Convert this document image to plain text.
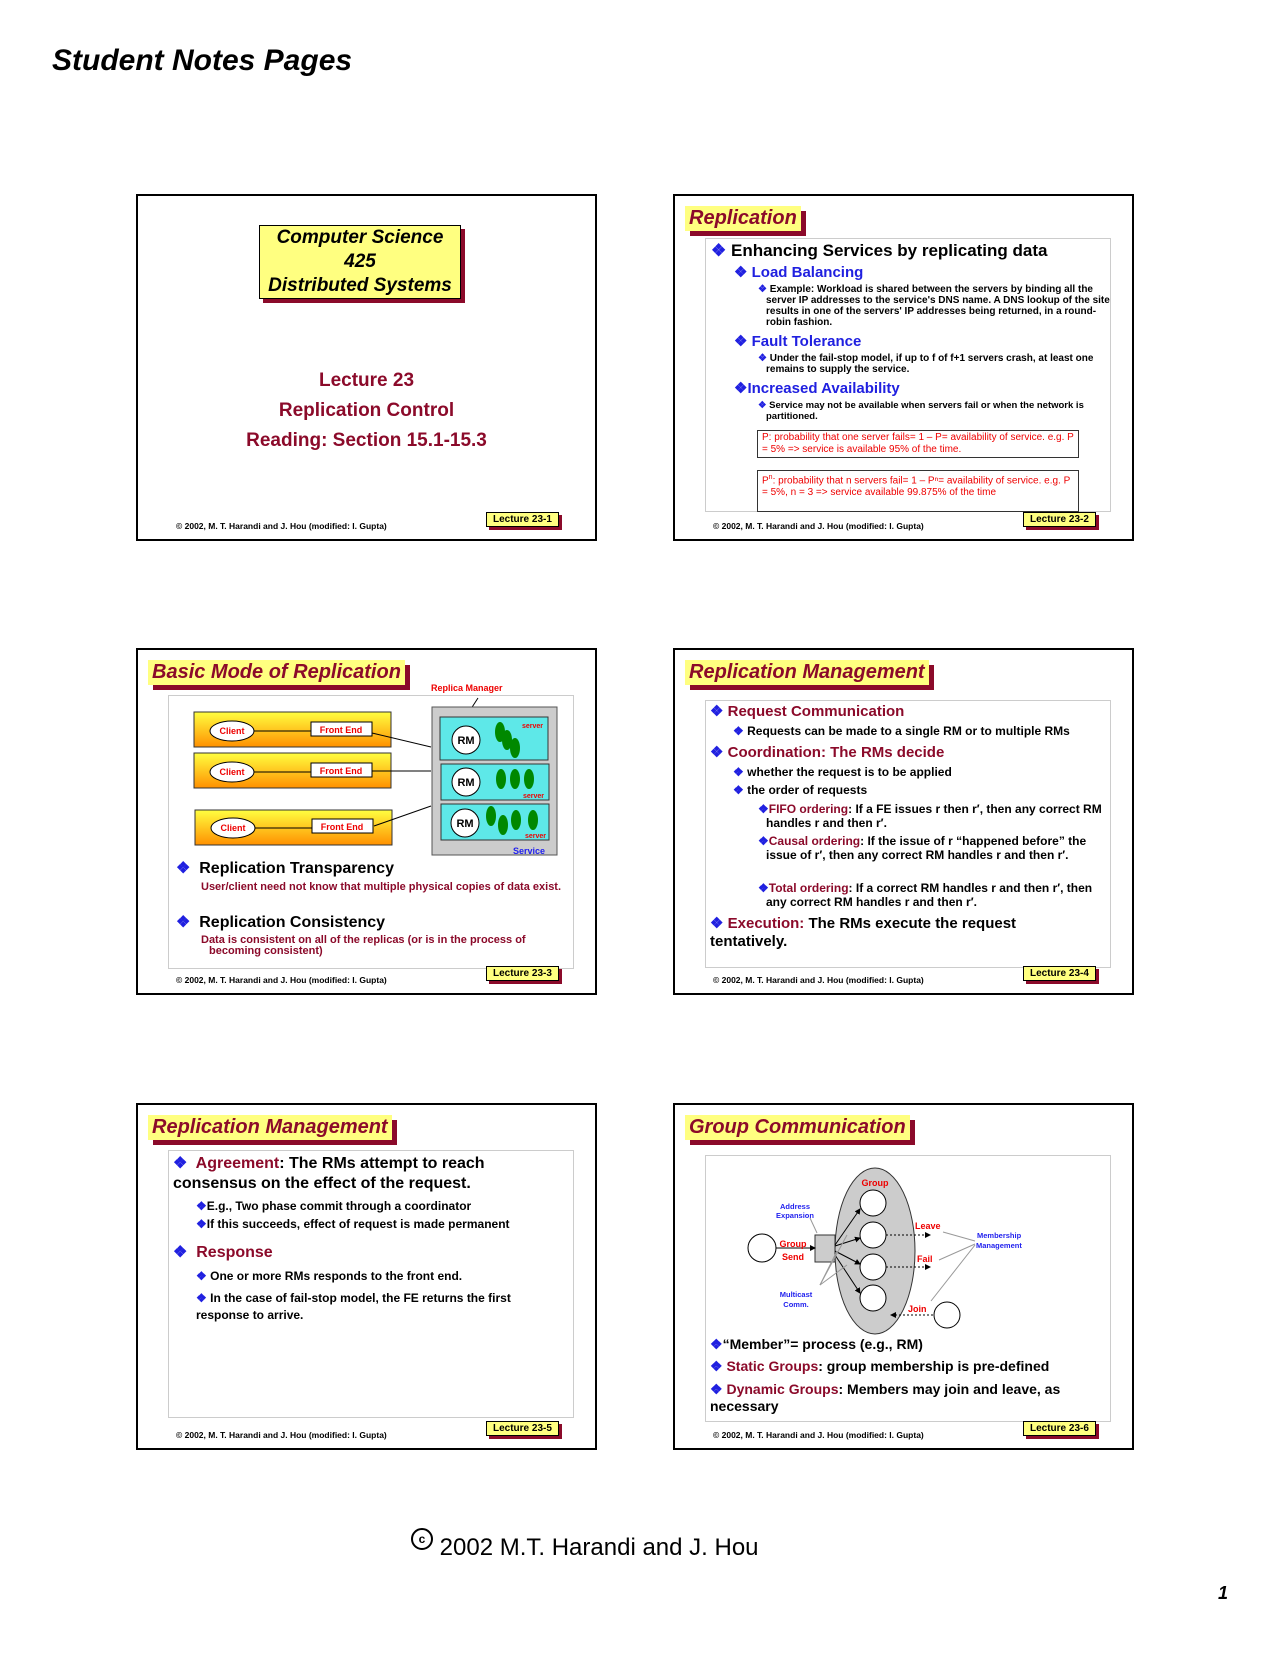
Student Notes Pages
Computer Science
425
Distributed Systems
Lecture 23
Replication Control
Reading: Section 15.1-15.3
© 2002, M. T. Harandi and J. Hou (modified: I. Gupta)
Lecture 23-1
Replication
❖ Enhancing Services by replicating data
❖ Load Balancing
❖ Example: Workload is shared between the servers by binding all the server IP addresses to the service's DNS name. A DNS lookup of the site results in one of the servers' IP addresses being returned, in a round-robin fashion.
❖ Fault Tolerance
❖ Under the fail-stop model, if up to f of f+1 servers crash, at least one remains to supply the service.
❖Increased Availability
❖ Service may not be available when servers fail or when the network is partitioned.
P: probability that one server fails= 1 – P= availability of service. e.g. P = 5% => service is available 95% of the time.
$P^n$: probability that n servers fail= 1 – Pⁿ= availability of service. e.g. P = 5%, n = 3 => service available 99.875% of the time
© 2002, M. T. Harandi and J. Hou (modified: I. Gupta)
Lecture 23-2
Basic Mode of Replication
Replica Manager
Client	Front End
Client	Front End
Client	Front End
RM
server
RM
server
RM
server
Service
❖ Replication Transparency
User/client need not know that multiple physical copies of data exist.
❖ Replication Consistency
Data is consistent on all of the replicas (or is in the process of becoming consistent)
© 2002, M. T. Harandi and J. Hou (modified: I. Gupta)
Lecture 23-3
Replication Management
❖ Request Communication
❖ Requests can be made to a single RM or to multiple RMs
❖ Coordination: The RMs decide
❖ whether the request is to be applied
❖ the order of requests
❖FIFO ordering: If a FE issues r then r′, then any correct RM handles r and then r′.
❖Causal ordering: If the issue of r “happened before” the issue of r′, then any correct RM handles r and then r′.
❖Total ordering: If a correct RM handles r and then r′, then any correct RM handles r and then r′.
❖ Execution: The RMs execute the request tentatively.
© 2002, M. T. Harandi and J. Hou (modified: I. Gupta)
Lecture 23-4
Replication Management
❖ Agreement: The RMs attempt to reach consensus on the effect of the request.
❖E.g., Two phase commit through a coordinator
❖If this succeeds, effect of request is made permanent
❖ Response
❖ One or more RMs responds to the front end.
❖ In the case of fail-stop model, the FE returns the first response to arrive.
© 2002, M. T. Harandi and J. Hou (modified: I. Gupta)
Lecture 23-5
Group Communication
Group
Address
Expansion
Group
Send
Multicast
Comm.
Leave
Fail
Join
Membership
Management
❖“Member”= process (e.g., RM)
❖ Static Groups: group membership is pre-defined
❖ Dynamic Groups: Members may join and leave, as necessary
© 2002, M. T. Harandi and J. Hou (modified: I. Gupta)
Lecture 23-6
c 2002 M.T. Harandi and J. Hou
1
